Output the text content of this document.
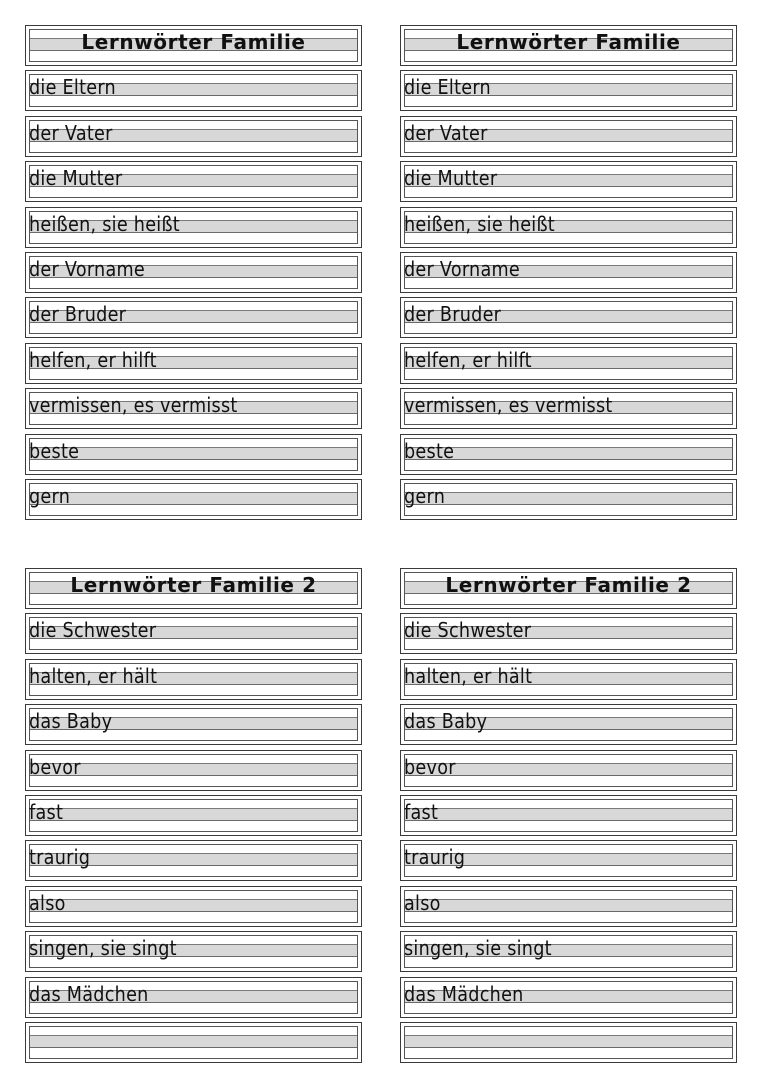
Lernwörter Familie
die Eltern
der Vater
die Mutter
heißen, sie heißt
der Vorname
der Bruder
helfen, er hilft
vermissen, es vermisst
beste
gern
Lernwörter Familie
die Eltern
der Vater
die Mutter
heißen, sie heißt
der Vorname
der Bruder
helfen, er hilft
vermissen, es vermisst
beste
gern
Lernwörter Familie 2
die Schwester
halten, er hält
das Baby
bevor
fast
traurig
also
singen, sie singt
das Mädchen
Lernwörter Familie 2
die Schwester
halten, er hält
das Baby
bevor
fast
traurig
also
singen, sie singt
das Mädchen
